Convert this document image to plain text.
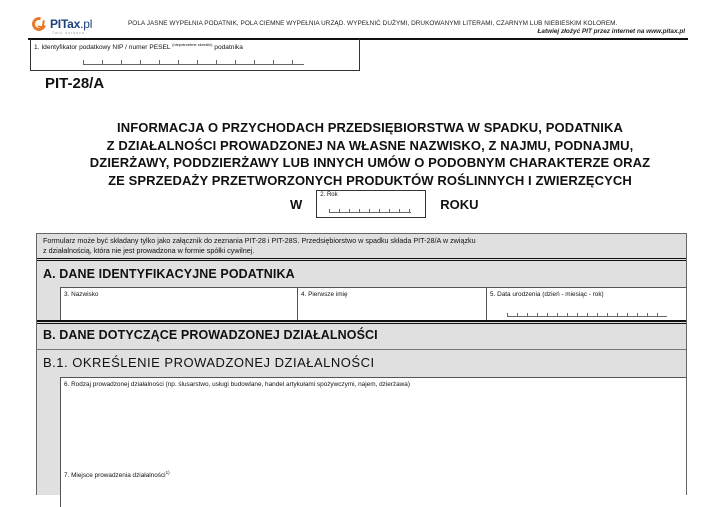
PITax.pl
Twój doradca
POLA JASNE WYPEŁNIA PODATNIK, POLA CIEMNE WYPEŁNIA URZĄD. WYPEŁNIĆ DUŻYMI, DRUKOWANYMI LITERAMI, CZARNYM LUB NIEBIESKIM KOLOREM.
Łatwiej złożyć PIT przez internet na www.pitax.pl
1. Identyfikator podatkowy NIP / numer PESEL $^{(niepotrzebne skreślić)}$ podatnika
PIT-28/A
INFORMACJA O PRZYCHODACH PRZEDSIĘBIORSTWA W SPADKU, PODATNIKA
Z DZIAŁALNOŚCI PROWADZONEJ NA WŁASNE NAZWISKO, Z NAJMU, PODNAJMU,
DZIERŻAWY, PODDZIERŻAWY LUB INNYCH UMÓW O PODOBNYM CHARAKTERZE ORAZ
ZE SPRZEDAŻY PRZETWORZONYCH PRODUKTÓW ROŚLINNYCH I ZWIERZĘCYCH
W
2. Rok
ROKU
Formularz może być składany tylko jako załącznik do zeznania PIT-28 i PIT-28S. Przedsiębiorstwo w spadku składa PIT-28/A w związku
z działalnością, która nie jest prowadzona w formie spółki cywilnej.
A. DANE IDENTYFIKACYJNE PODATNIKA
3. Nazwisko	4. Pierwsze imię	5. Data urodzenia (dzień - miesiąc - rok)
B. DANE DOTYCZĄCE PROWADZONEJ DZIAŁALNOŚCI
B.1. OKREŚLENIE PROWADZONEJ DZIAŁALNOŚCI
6. Rodzaj prowadzonej działalności (np. ślusarstwo, usługi budowlane, handel artykułami spożywczymi, najem, dzierżawa)
7. Miejsce prowadzenia działalności$^{1)}$
